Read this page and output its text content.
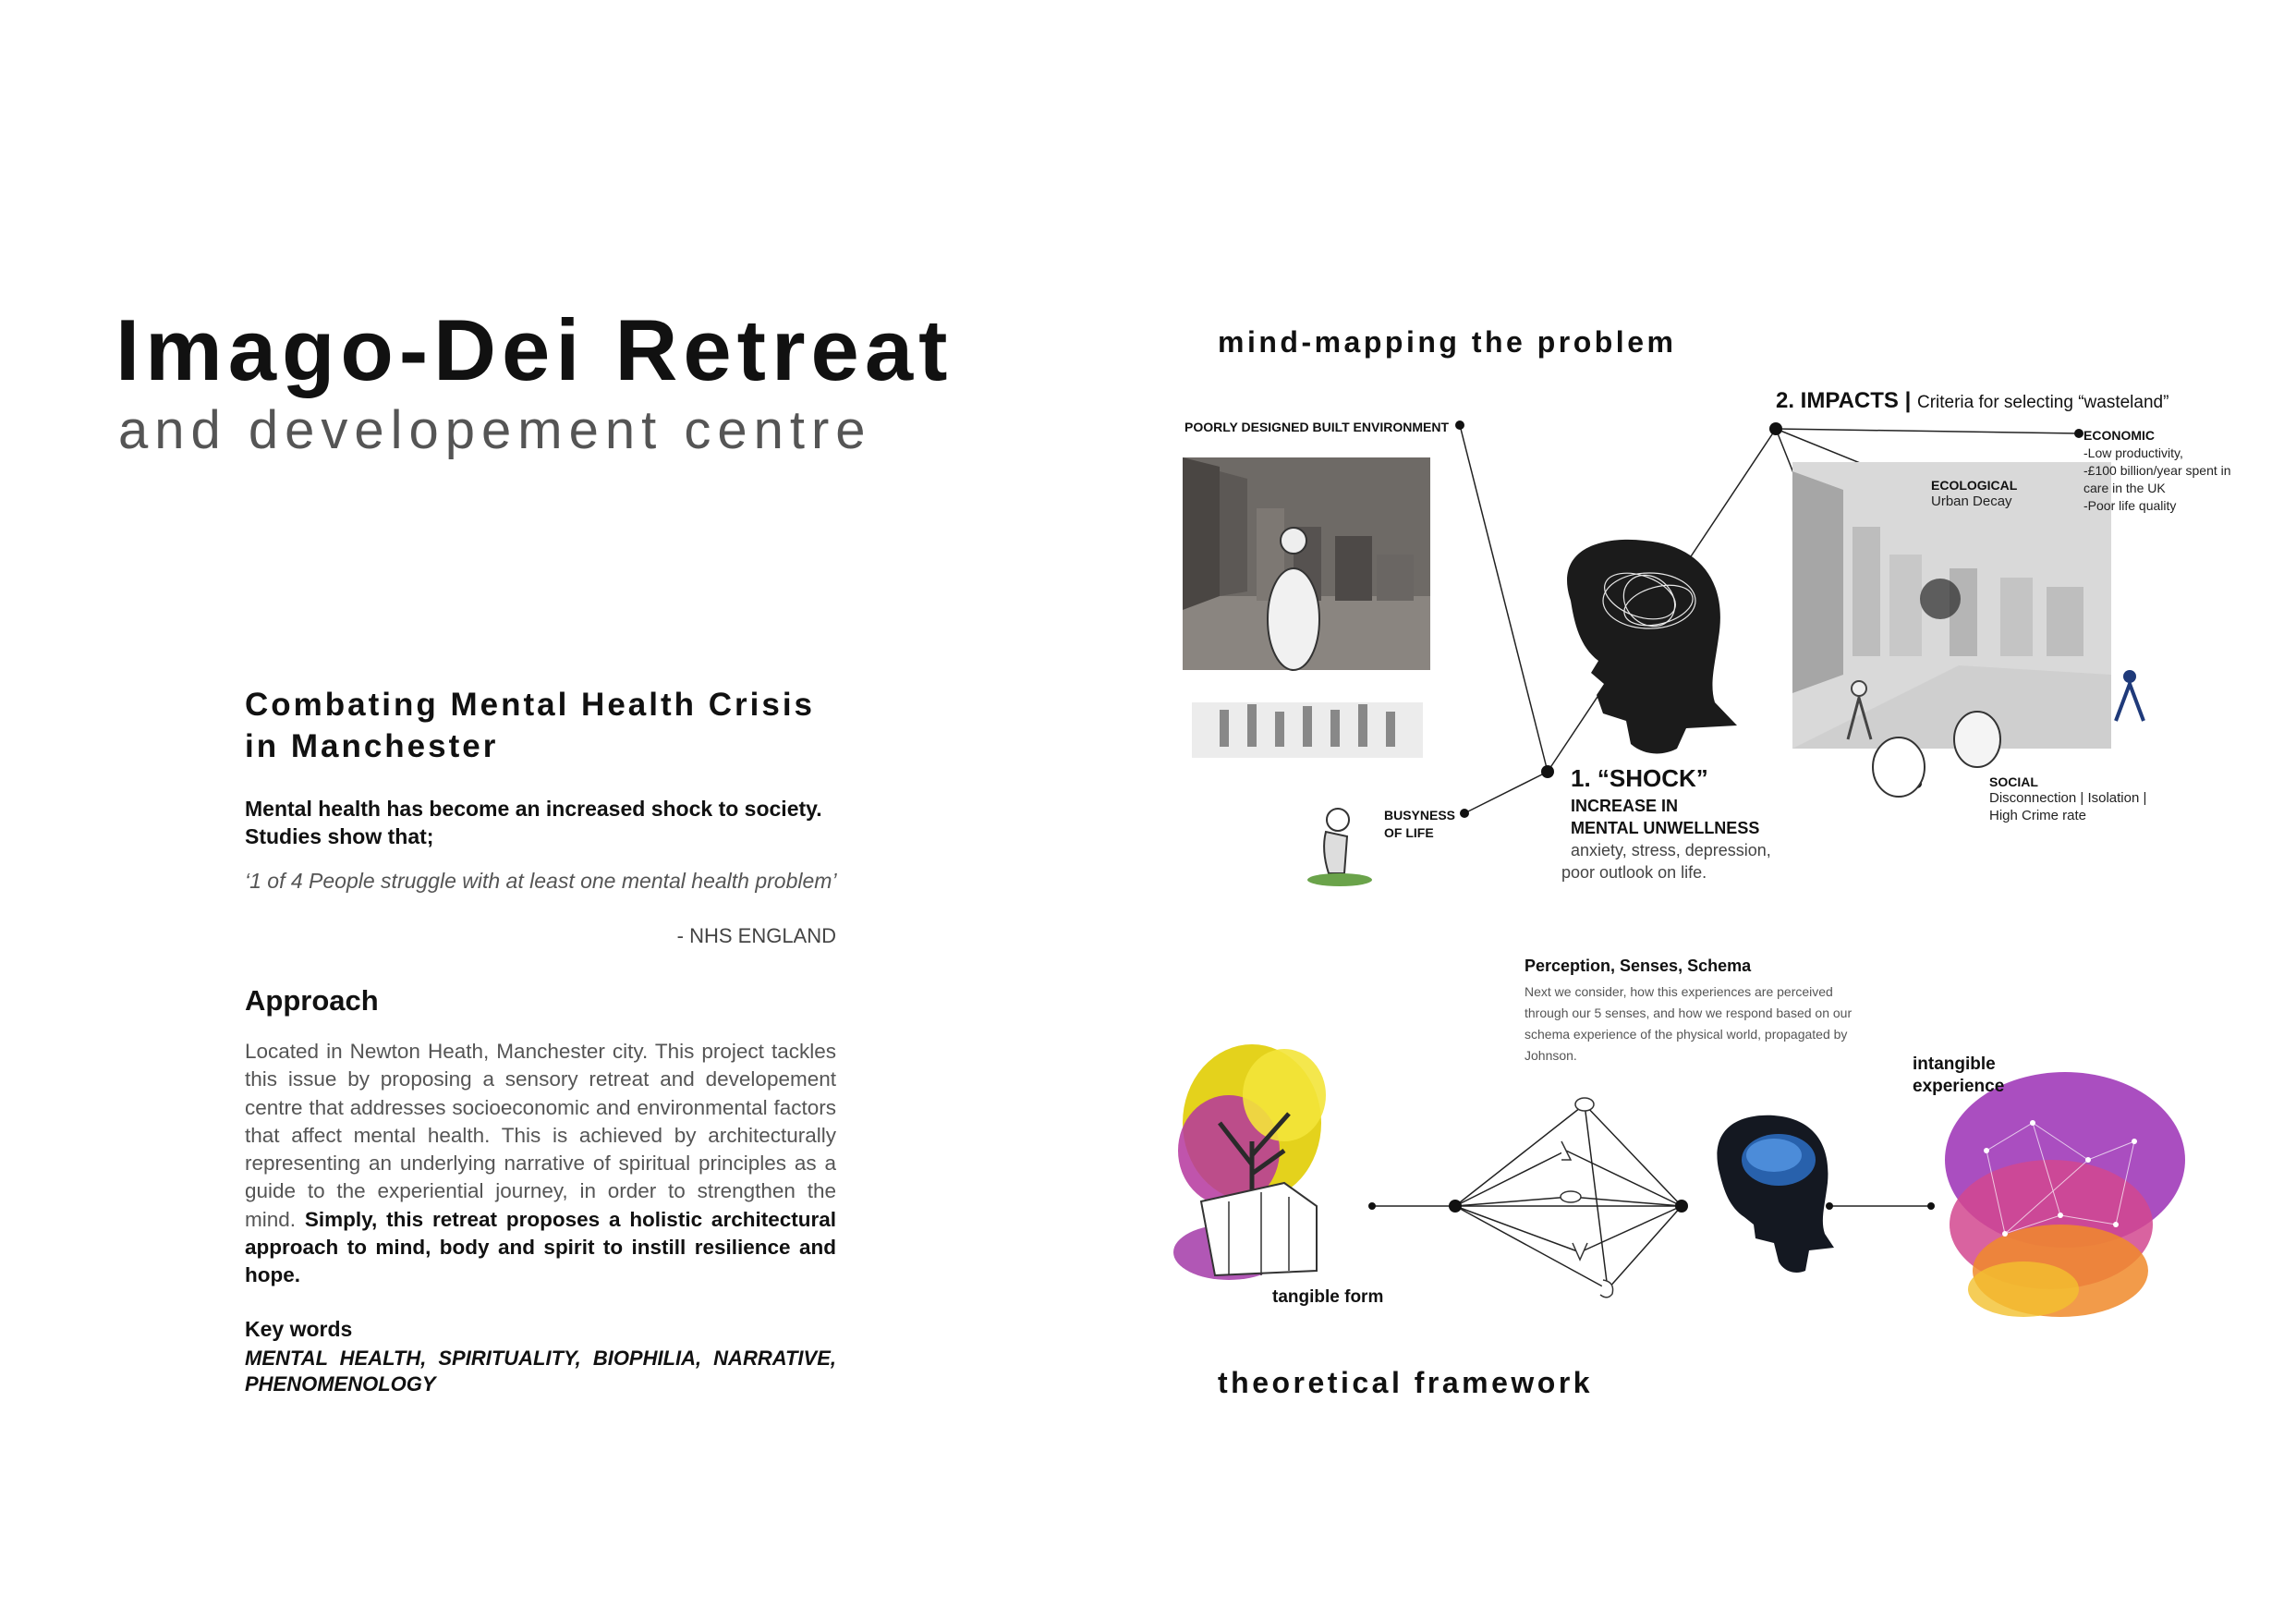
Imago-Dei Retreat
and developement centre
Combating Mental Health Crisis
in Manchester
Mental health has become an increased shock to society.
Studies show that;
‘1 of 4 People struggle with at least one mental health problem’
- NHS ENGLAND
Approach
Located in Newton Heath, Manchester city. This project tackles this issue by proposing a sensory retreat and developement centre that addresses socioeconomic and environmental factors that affect mental health. This is achieved by architecturally representing an underlying narrative of spiritual principles as a guide to the experiential journey, in order to strengthen the mind. Simply, this retreat proposes a holistic architectural approach to mind, body and spirit to instill resilience and hope.
Key words
MENTAL HEALTH, SPIRITUALITY, BIOPHILIA, NARRATIVE,
PHENOMENOLOGY
mind-mapping the problem
POORLY DESIGNED BUILT ENVIRONMENT
BUSYNESS
OF LIFE
1. “SHOCK”
INCREASE IN
MENTAL UNWELLNESS
anxiety, stress, depression,
poor outlook on life.
2. IMPACTS | Criteria for selecting “wasteland”
ECONOMIC
-Low productivity,
-£100 billion/year spent in
care in the UK
-Poor life quality
ECOLOGICAL
Urban Decay
SOCIAL
Disconnection | Isolation |
High Crime rate
Perception, Senses, Schema
Next we consider, how this experiences are perceived through our 5 senses, and how we respond based on our schema experience of the physical world, propagated by Johnson.
tangible form
intangible
experience
theoretical framework
